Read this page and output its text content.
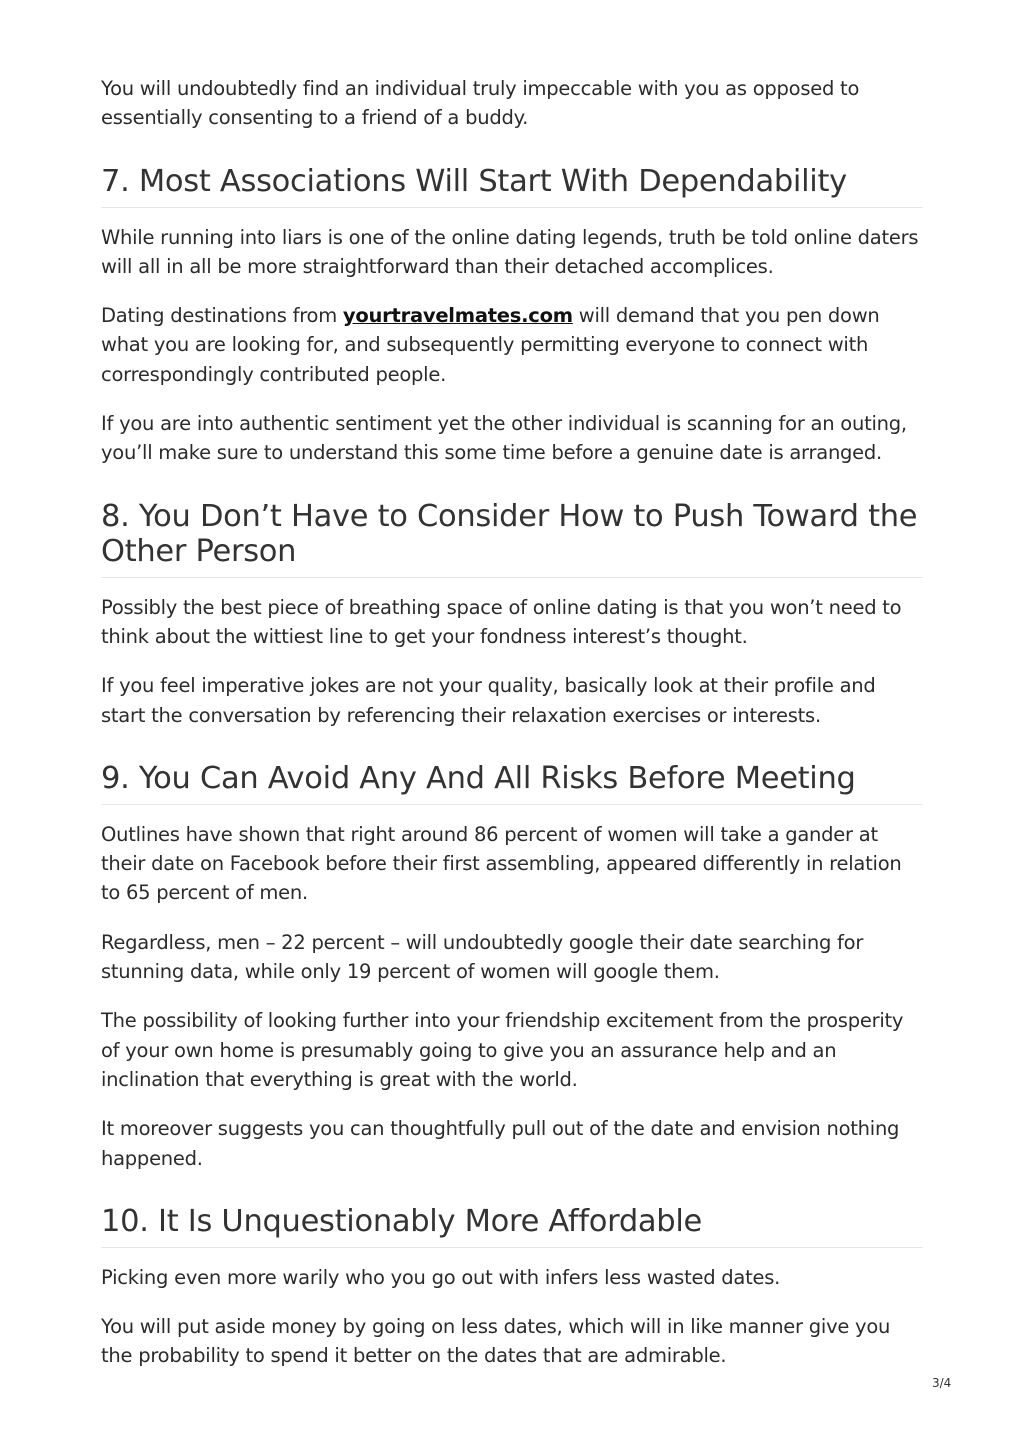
You will undoubtedly find an individual truly impeccable with you as opposed to essentially consenting to a friend of a buddy.

7. Most Associations Will Start With Dependability

While running into liars is one of the online dating legends, truth be told online daters will all in all be more straightforward than their detached accomplices.

Dating destinations from yourtravelmates.com will demand that you pen down what you are looking for, and subsequently permitting everyone to connect with correspondingly contributed people.

If you are into authentic sentiment yet the other individual is scanning for an outing, you’ll make sure to understand this some time before a genuine date is arranged.

8. You Don’t Have to Consider How to Push Toward the Other Person

Possibly the best piece of breathing space of online dating is that you won’t need to think about the wittiest line to get your fondness interest’s thought.

If you feel imperative jokes are not your quality, basically look at their profile and start the conversation by referencing their relaxation exercises or interests.

9. You Can Avoid Any And All Risks Before Meeting

Outlines have shown that right around 86 percent of women will take a gander at their date on Facebook before their first assembling, appeared differently in relation to 65 percent of men.

Regardless, men – 22 percent – will undoubtedly google their date searching for stunning data, while only 19 percent of women will google them.

The possibility of looking further into your friendship excitement from the prosperity of your own home is presumably going to give you an assurance help and an inclination that everything is great with the world.

It moreover suggests you can thoughtfully pull out of the date and envision nothing happened.

10. It Is Unquestionably More Affordable

Picking even more warily who you go out with infers less wasted dates.

You will put aside money by going on less dates, which will in like manner give you the probability to spend it better on the dates that are admirable.

3/4
